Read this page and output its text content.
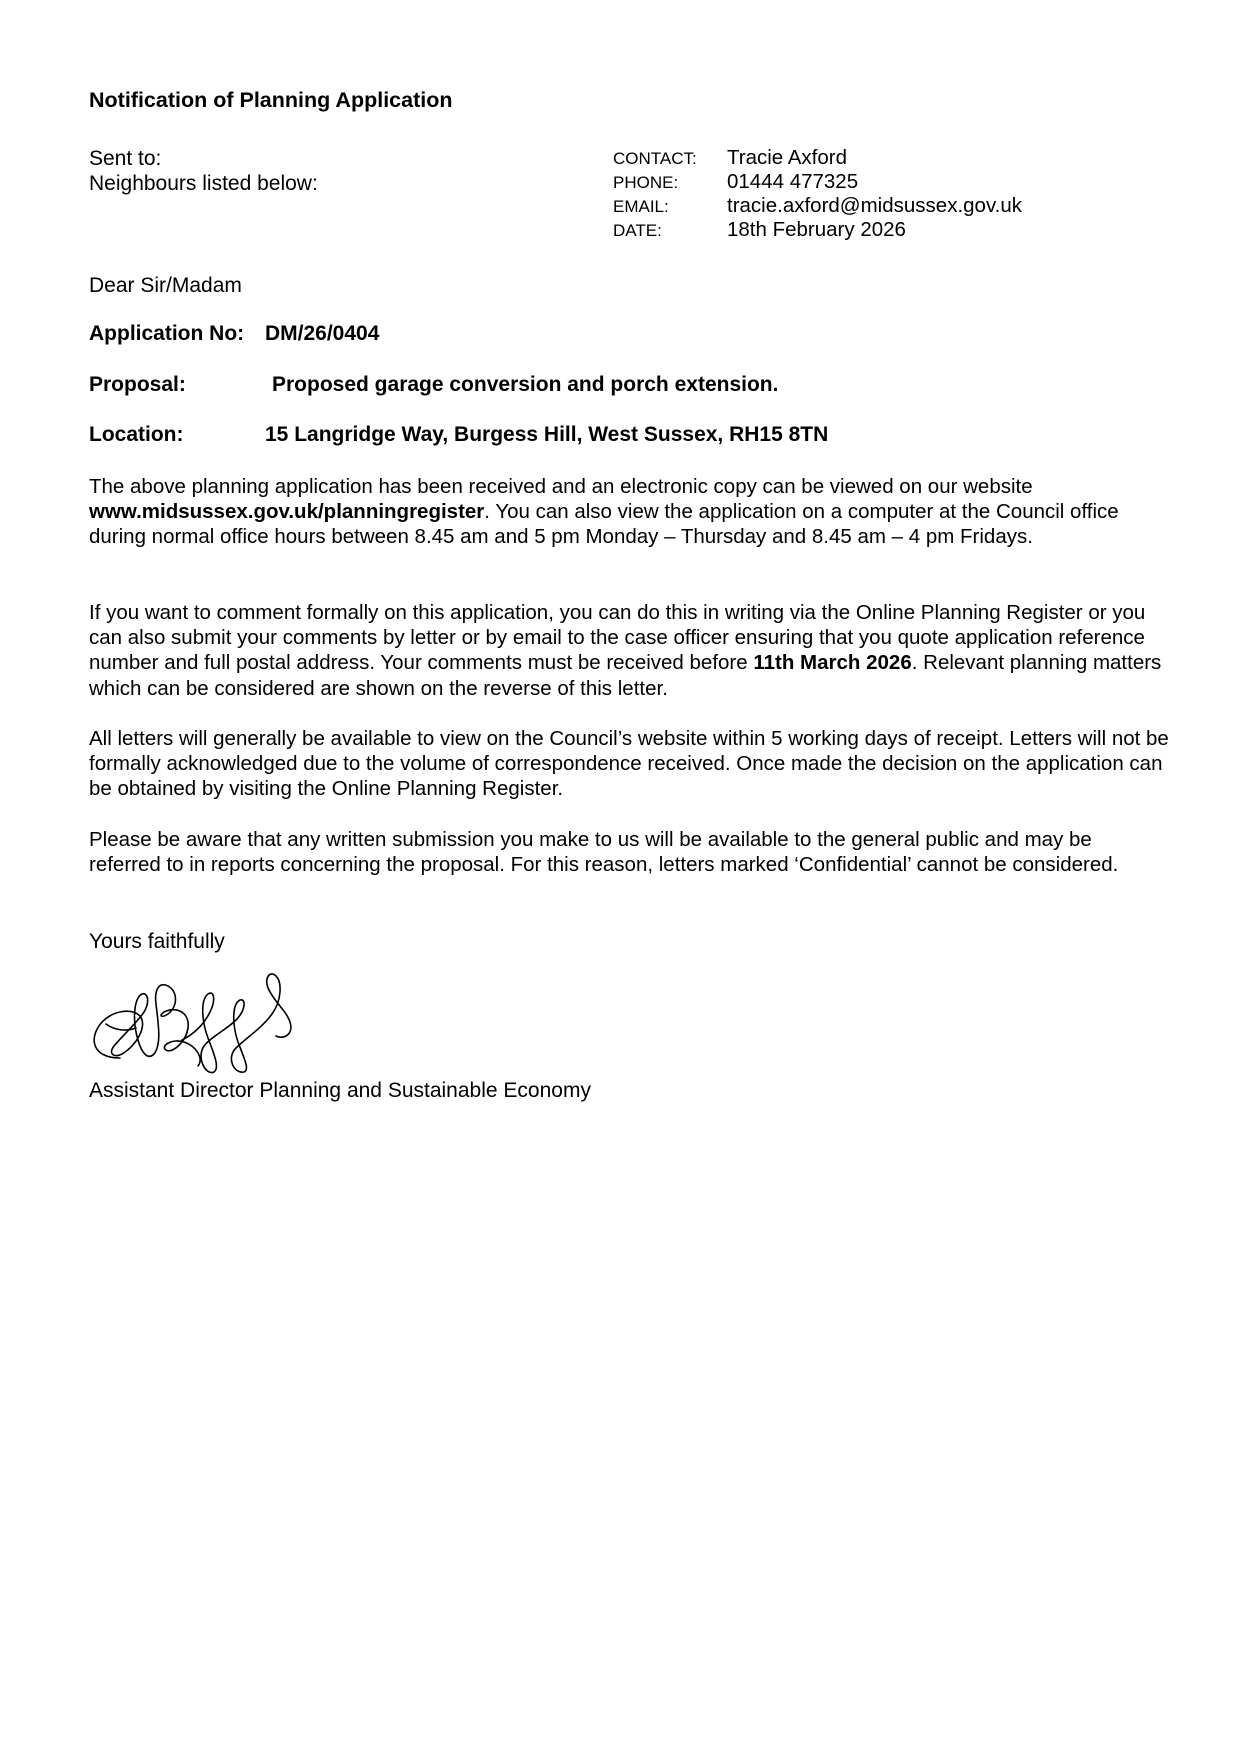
Notification of Planning Application
Sent to:
Neighbours listed below:
CONTACT:	Tracie Axford
PHONE:	01444 477325
EMAIL:	tracie.axford@midsussex.gov.uk
DATE:	18th February 2026
Dear Sir/Madam
Application No: DM/26/0404
Proposal:	Proposed garage conversion and porch extension.
Location:	15 Langridge Way, Burgess Hill, West Sussex, RH15 8TN
The above planning application has been received and an electronic copy can be viewed on our website www.midsussex.gov.uk/planningregister. You can also view the application on a computer at the Council office during normal office hours between 8.45 am and 5 pm Monday – Thursday and 8.45 am – 4 pm Fridays.
If you want to comment formally on this application, you can do this in writing via the Online Planning Register or you can also submit your comments by letter or by email to the case officer ensuring that you quote application reference number and full postal address. Your comments must be received before 11th March 2026. Relevant planning matters which can be considered are shown on the reverse of this letter.
All letters will generally be available to view on the Council’s website within 5 working days of receipt. Letters will not be formally acknowledged due to the volume of correspondence received. Once made the decision on the application can be obtained by visiting the Online Planning Register.
Please be aware that any written submission you make to us will be available to the general public and may be referred to in reports concerning the proposal. For this reason, letters marked ‘Confidential’ cannot be considered.
Yours faithfully
Assistant Director Planning and Sustainable Economy
